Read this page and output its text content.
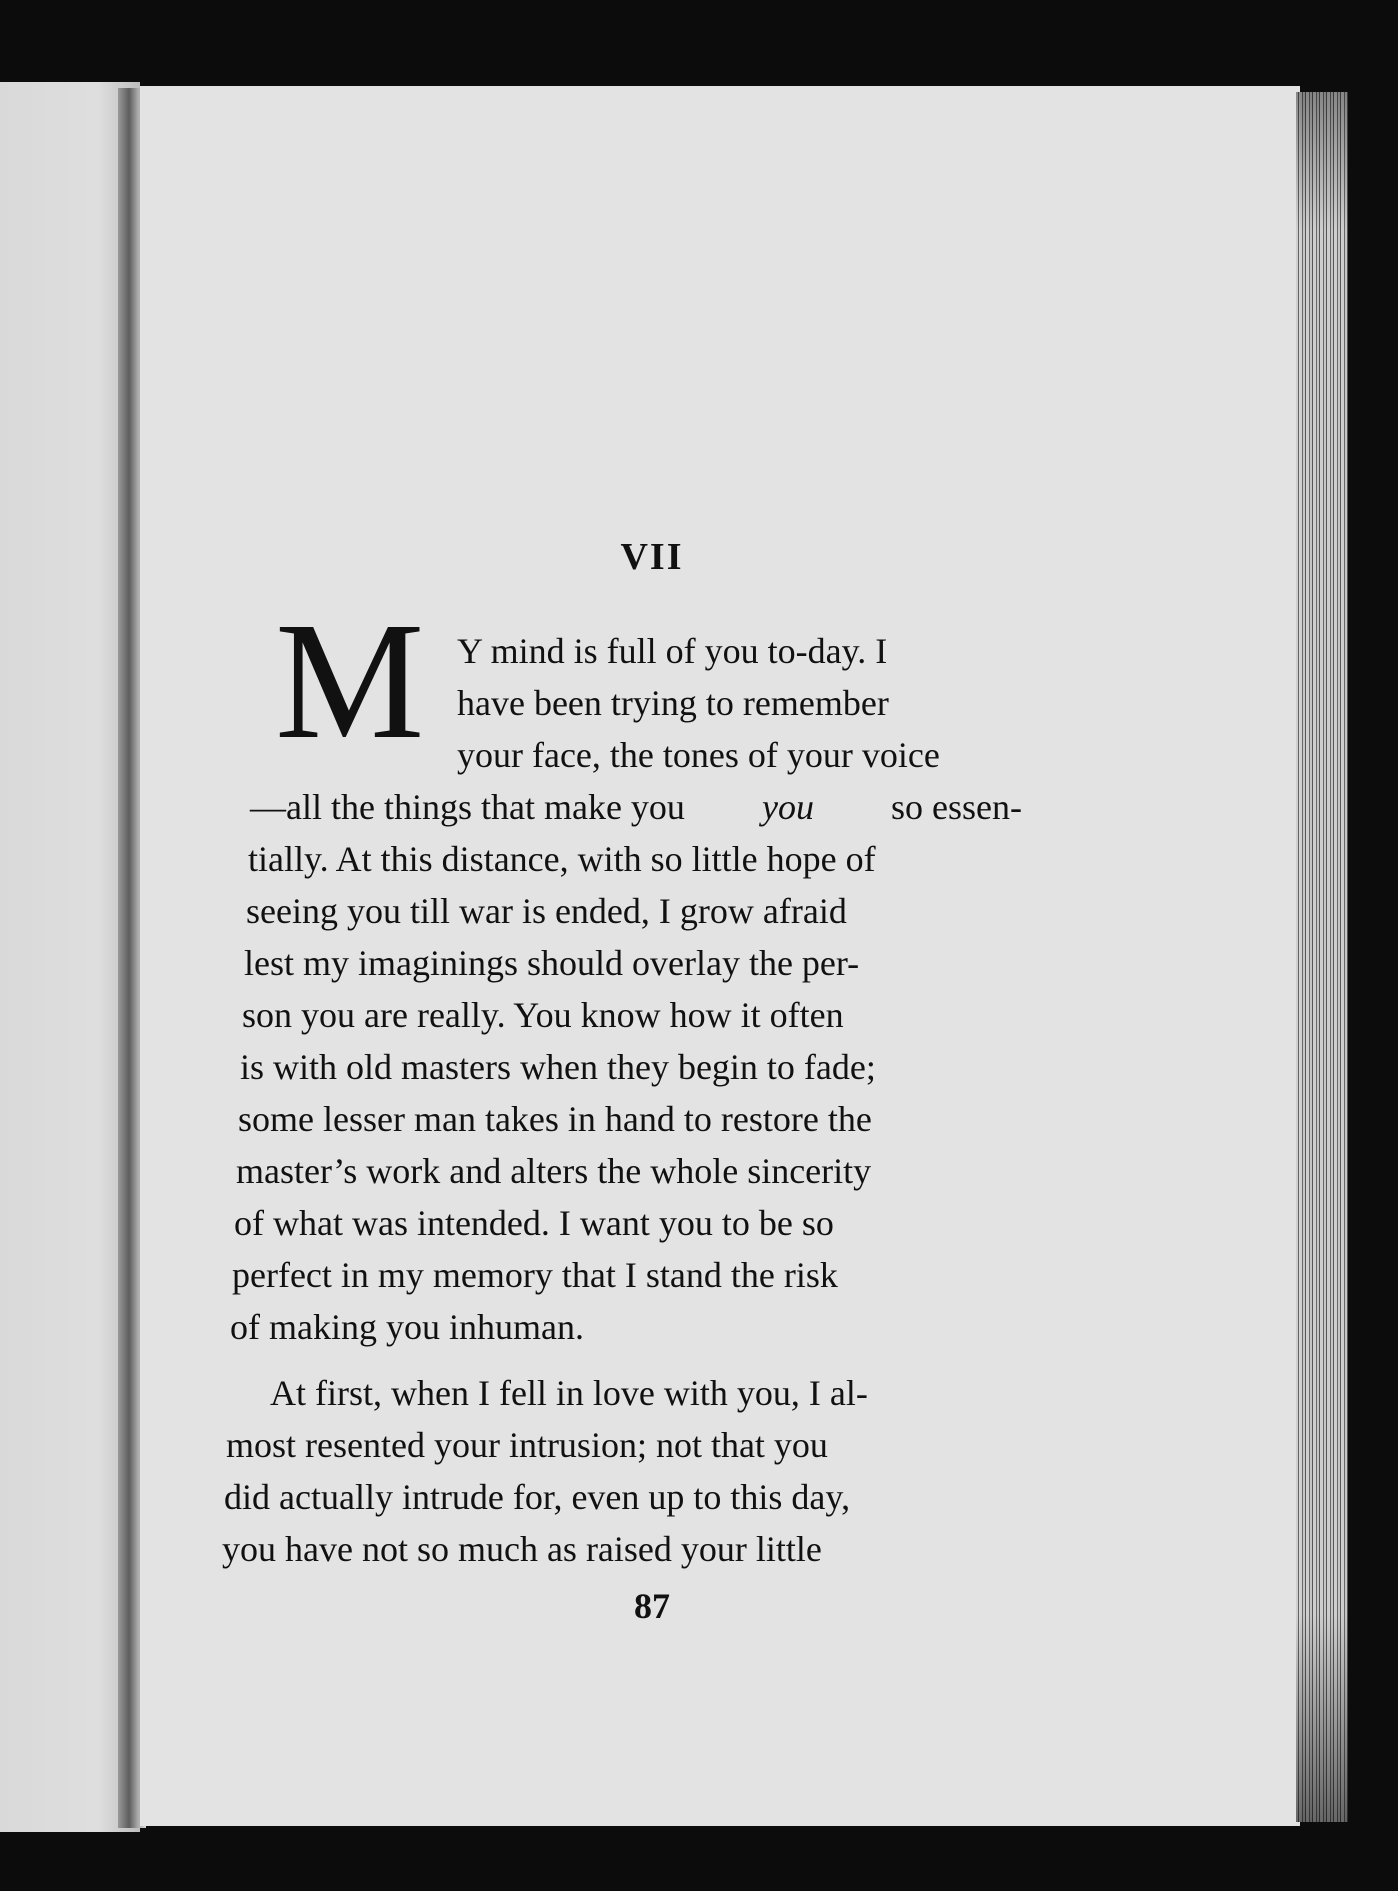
VII
M Y mind is full of you to-day. I
have been trying to remember
your face, the tones of your voice
—all the things that make you you so essen-
tially. At this distance, with so little hope of
seeing you till war is ended, I grow afraid
lest my imaginings should overlay the per-
son you are really. You know how it often
is with old masters when they begin to fade;
some lesser man takes in hand to restore the
master’s work and alters the whole sincerity
of what was intended. I want you to be so
perfect in my memory that I stand the risk
of making you inhuman.
At first, when I fell in love with you, I al-
most resented your intrusion; not that you
did actually intrude for, even up to this day,
you have not so much as raised your little
87
